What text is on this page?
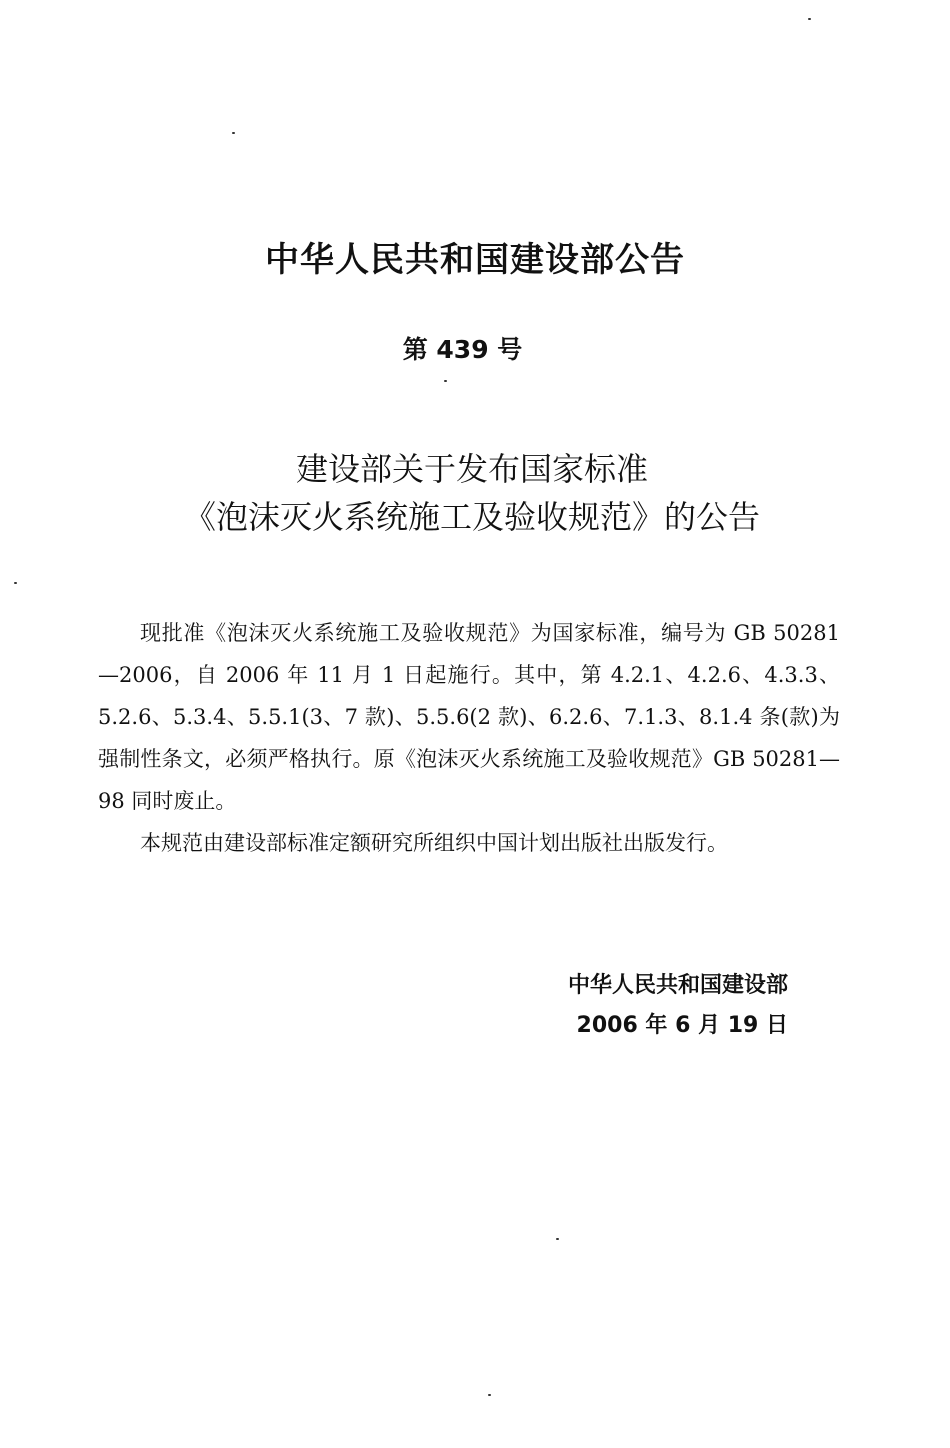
中华人民共和国建设部公告
第 439 号
建设部关于发布国家标准
《泡沫灭火系统施工及验收规范》的公告

现批准《泡沫灭火系统施工及验收规范》为国家标准，编号为 GB 50281—2006，自 2006 年 11 月 1 日起施行。其中，第 4.2.1、4.2.6、4.3.3、5.2.6、5.3.4、5.5.1(3、7 款)、5.5.6(2 款)、6.2.6、7.1.3、8.1.4 条(款)为强制性条文，必须严格执行。原《泡沫灭火系统施工及验收规范》GB 50281—98 同时废止。

本规范由建设部标准定额研究所组织中国计划出版社出版发行。

中华人民共和国建设部
2006 年 6 月 19 日
